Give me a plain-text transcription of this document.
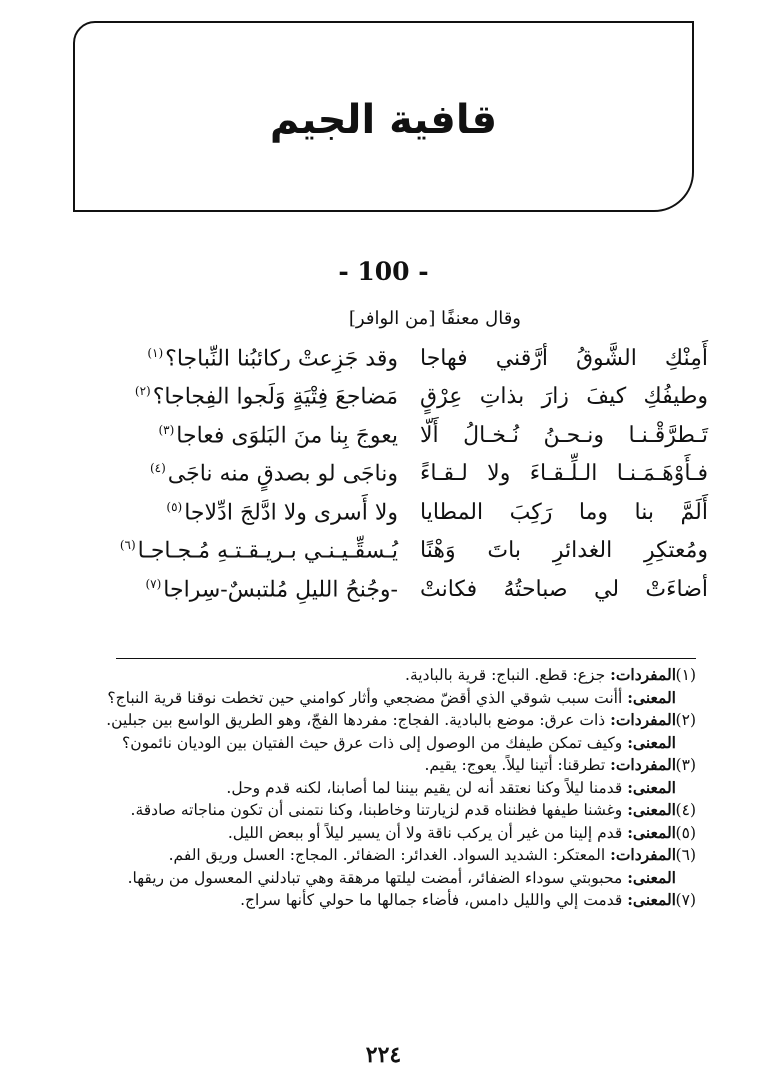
قافية الجيم
- 100 -
وقال معنفًا [من الوافر]
أَمِنْكِ الشَّوقُ أرَّقني فهاجا
وقد جَزِعتْ ركائبُنا النِّباجا؟$^{(١)}$
وطيفُكِ كيفَ زارَ بذاتِ عِرْقٍ
مَضاجعَ فِتْيَةٍ وَلَجوا الفِجاجا؟$^{(٢)}$
تَـطرَّقْـنـا ونـحـنُ نُـخـالُ أَلّا
يعوجَ بِنا منَ البَلوَى فعاجا$^{(٣)}$
فـأَوْهَـمَـنـا الـلِّـقـاءَ ولا لـقـاءً
وناجَى لو بصدقٍ منه ناجَى$^{(٤)}$
أَلَمَّ بنا وما رَكِبَ المطايا
ولا أَسرى ولا ادَّلجَ ادِّلاجا$^{(٥)}$
ومُعتكِرِ الغدائرِ باتَ وَهْنًا
يُـسقِّـيـنـي بـريـقـتـهِ مُـجـاجـا$^{(٦)}$
أضاءَتْ لي صباحتُهُ فكانتْ
-وجُنحُ الليلِ مُلتبسٌ-سِراجا$^{(٧)}$
(١)المفردات: جزع: قطع. النباج: قرية بالبادية.
المعنى: أأنت سبب شوقي الذي أقضّ مضجعي وأثار كوامني حين تخطت نوقنا قرية النباج؟
(٢)المفردات: ذات عرق: موضع بالبادية. الفجاج: مفردها الفجّ، وهو الطريق الواسع بين جبلين.
المعنى: وكيف تمكن طيفك من الوصول إلى ذات عرق حيث الفتيان بين الوديان نائمون؟
(٣)المفردات: تطرقنا: أتينا ليلاً. يعوج: يقيم.
المعنى: قدمنا ليلاً وكنا نعتقد أنه لن يقيم بيننا لما أصابنا، لكنه قدم وحل.
(٤)المعنى: وغشنا طيفها فظنناه قدم لزيارتنا وخاطبنا، وكنا نتمنى أن تكون مناجاته صادقة.
(٥)المعنى: قدم إلينا من غير أن يركب ناقة ولا أن يسير ليلاً أو ببعض الليل.
(٦)المفردات: المعتكر: الشديد السواد. الغدائر: الضفائر. المجاج: العسل وريق الفم.
المعنى: محبوبتي سوداء الضفائر، أمضت ليلتها مرهقة وهي تبادلني المعسول من ريقها.
(٧)المعنى: قدمت إلي والليل دامس، فأضاء جمالها ما حولي كأنها سراج.
٢٢٤
